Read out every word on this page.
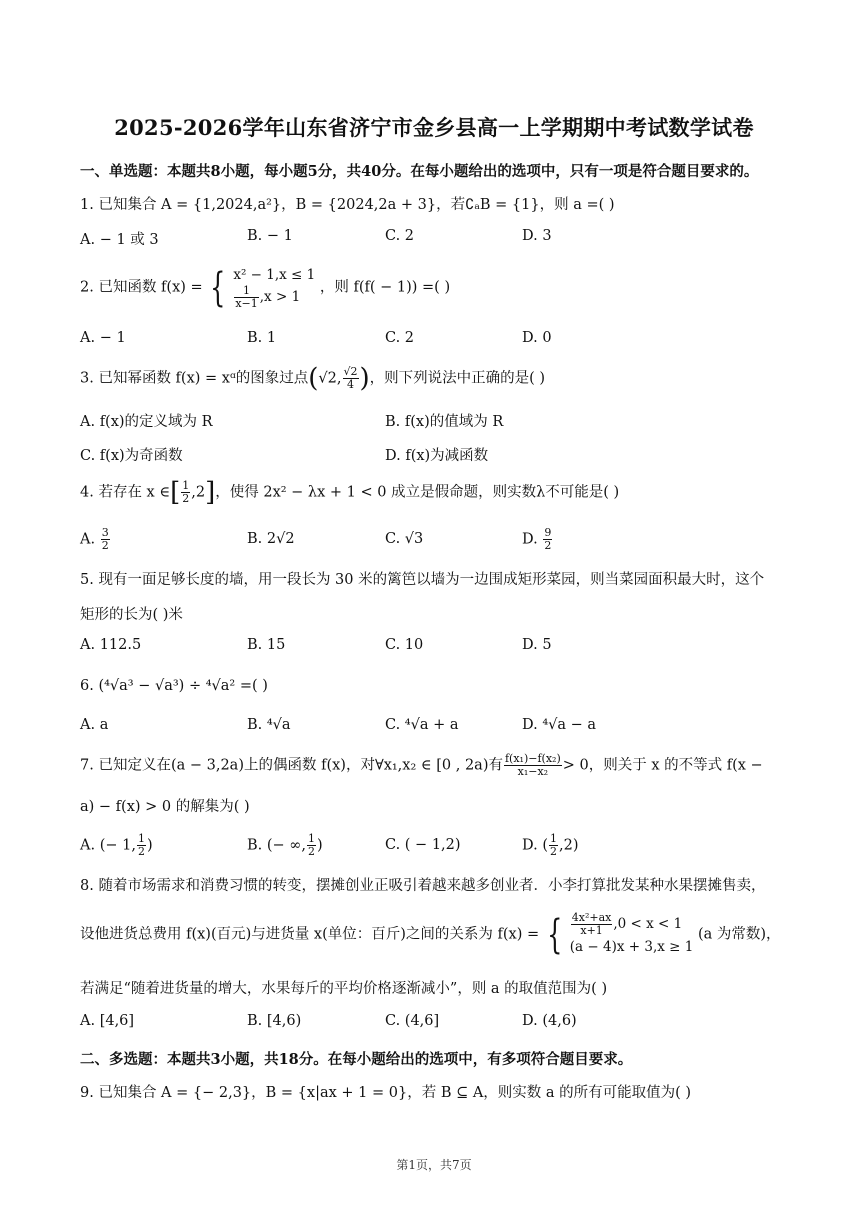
2025-2026学年山东省济宁市金乡县高一上学期期中考试数学试卷
一、单选题：本题共8小题，每小题5分，共40分。在每小题给出的选项中，只有一项是符合题目要求的。
1. 已知集合 A = {1,2024,a²}，B = {2024,2a + 3}，若∁ₐB = {1}，则 a =( )
A. − 1 或 3	B. − 1	C. 2	D. 3
2. 已知函数 f(x) = { x² − 1,x ≤ 1
$\frac{1}{x-1} ,x > 1$
，则 f(f( − 1)) =( )
A. − 1	B. 1	C. 2	D. 0
3. 已知幂函数 f(x) = xᵅ的图象过点(√2, $\frac{√2}{4}$ )，则下列说法中正确的是( )
A. f(x)的定义域为 R	B. f(x)的值域为 R
C. f(x)为奇函数	D. f(x)为减函数
4. 若存在 x ∈[ $\frac{1}{2} ,2$]，使得 2x² − λx + 1 < 0 成立是假命题，则实数λ不可能是( )
A. $\frac{3}{2}$	B. 2√2	C. √3	D. $\frac{9}{2}$
5. 现有一面足够长度的墙，用一段长为 30 米的篱笆以墙为一边围成矩形菜园，则当菜园面积最大时，这个
矩形的长为( )米
A. 112.5	B. 15	C. 10	D. 5
6. (⁴√a³ − √a³) ÷ ⁴√a² =( )
A. a	B. ⁴√a	C. ⁴√a + a	D. ⁴√a − a
7. 已知定义在(a − 3,2a)上的偶函数 f(x)，对∀x₁,x₂ ∈ [0 , 2a)有 $\frac{\text{f(x₁)−f(x₂)}}{\text{x₁−x₂}} > 0$，则关于 x 的不等式 f(x −
a) − f(x) > 0 的解集为( )
A. (− 1, $\frac{1}{2}$ )	B. (− ∞, $\frac{1}{2}$ )	C. ( − 1,2)	D. ( $\frac{1}{2} ,2$)
8. 随着市场需求和消费习惯的转变，摆摊创业正吸引着越来越多创业者．小李打算批发某种水果摆摊售卖，
设他进货总费用 f(x)(百元)与进货量 x(单位：百斤)之间的关系为 f(x) = { $\frac{\text{4x²+ax}}{x+1} ,0 < x < 1$
(a − 4)x + 3,x ≥ 1
(a 为常数)，
若满足“随着进货量的增大，水果每斤的平均价格逐渐减小”，则 a 的取值范围为( )
A. [4,6]	B. [4,6)	C. (4,6]	D. (4,6)
二、多选题：本题共3小题，共18分。在每小题给出的选项中，有多项符合题目要求。
9. 已知集合 A = {− 2,3}，B = {x|ax + 1 = 0}，若 B ⊆ A，则实数 a 的所有可能取值为( )
第1页，共7页
